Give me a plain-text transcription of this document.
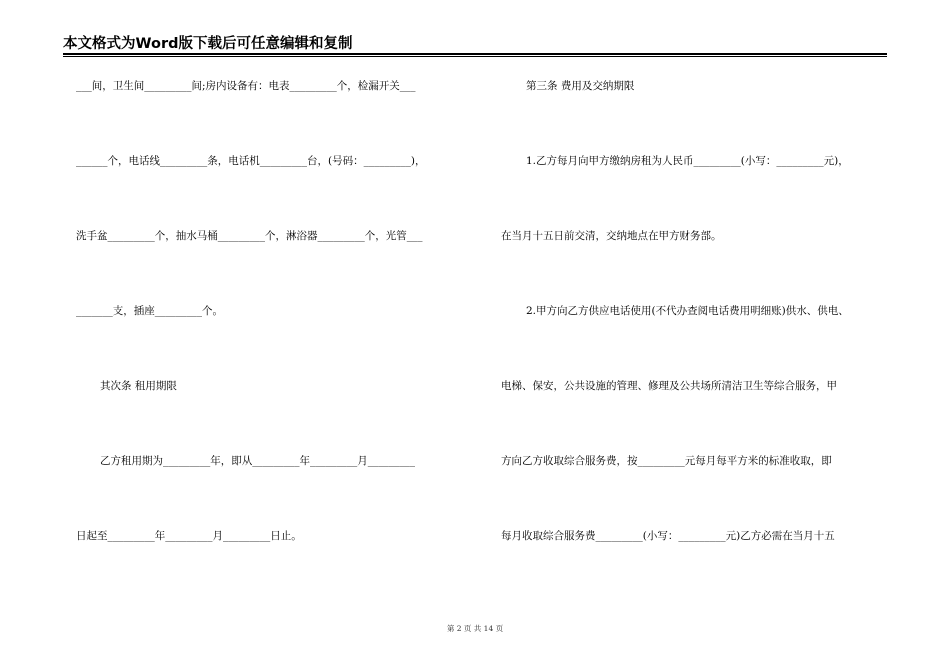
本文格式为Word版下载后可任意编辑和复制
___间，卫生间_________间;房内设备有：电表_________个，检漏开关___
______个，电话线_________条，电话机_________台，(号码：_________)，
洗手盆_________个，抽水马桶_________个，淋浴器_________个，光管___
_______支，插座_________个。
其次条 租用期限
乙方租用期为_________年，即从_________年_________月_________
日起至_________年_________月_________日止。
第三条 费用及交纳期限
1.乙方每月向甲方缴纳房租为人民币_________(小写：_________元)，
在当月十五日前交清，交纳地点在甲方财务部。
2.甲方向乙方供应电话使用(不代办查阅电话费用明细账)供水、供电、
电梯、保安，公共设施的管理、修理及公共场所清洁卫生等综合服务，甲
方向乙方收取综合服务费，按_________元每月每平方米的标准收取，即
每月收取综合服务费_________(小写：_________元)乙方必需在当月十五
第 2 页 共 14 页
